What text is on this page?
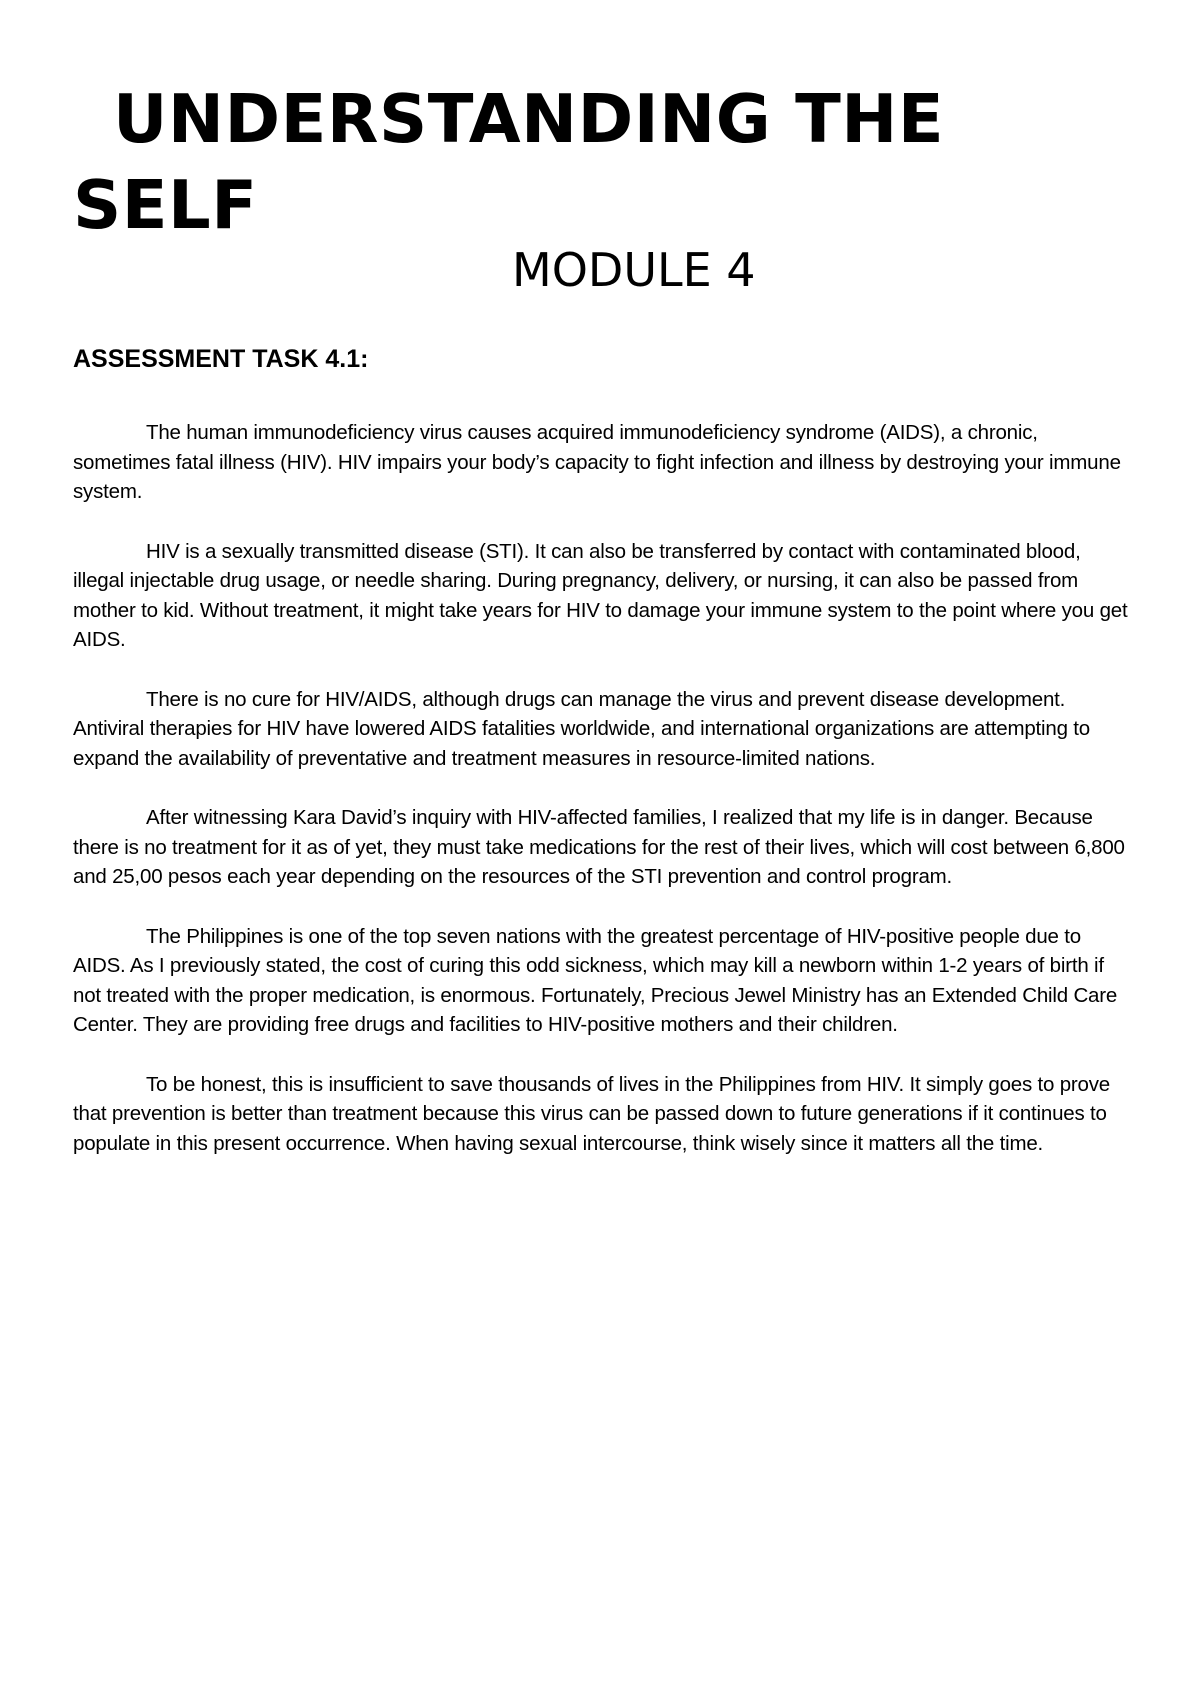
UNDERSTANDING THE SELF
MODULE 4
ASSESSMENT TASK 4.1:

The human immunodeficiency virus causes acquired immunodeficiency syndrome (AIDS), a chronic, sometimes fatal illness (HIV). HIV impairs your body’s capacity to fight infection and illness by destroying your immune system.

HIV is a sexually transmitted disease (STI). It can also be transferred by contact with contaminated blood, illegal injectable drug usage, or needle sharing. During pregnancy, delivery, or nursing, it can also be passed from mother to kid. Without treatment, it might take years for HIV to damage your immune system to the point where you get AIDS.

There is no cure for HIV/AIDS, although drugs can manage the virus and prevent disease development. Antiviral therapies for HIV have lowered AIDS fatalities worldwide, and international organizations are attempting to expand the availability of preventative and treatment measures in resource-limited nations.

After witnessing Kara David’s inquiry with HIV-affected families, I realized that my life is in danger. Because there is no treatment for it as of yet, they must take medications for the rest of their lives, which will cost between 6,800 and 25,00 pesos each year depending on the resources of the STI prevention and control program.

The Philippines is one of the top seven nations with the greatest percentage of HIV-positive people due to AIDS. As I previously stated, the cost of curing this odd sickness, which may kill a newborn within 1-2 years of birth if not treated with the proper medication, is enormous. Fortunately, Precious Jewel Ministry has an Extended Child Care Center. They are providing free drugs and facilities to HIV-positive mothers and their children.

To be honest, this is insufficient to save thousands of lives in the Philippines from HIV. It simply goes to prove that prevention is better than treatment because this virus can be passed down to future generations if it continues to populate in this present occurrence. When having sexual intercourse, think wisely since it matters all the time.
